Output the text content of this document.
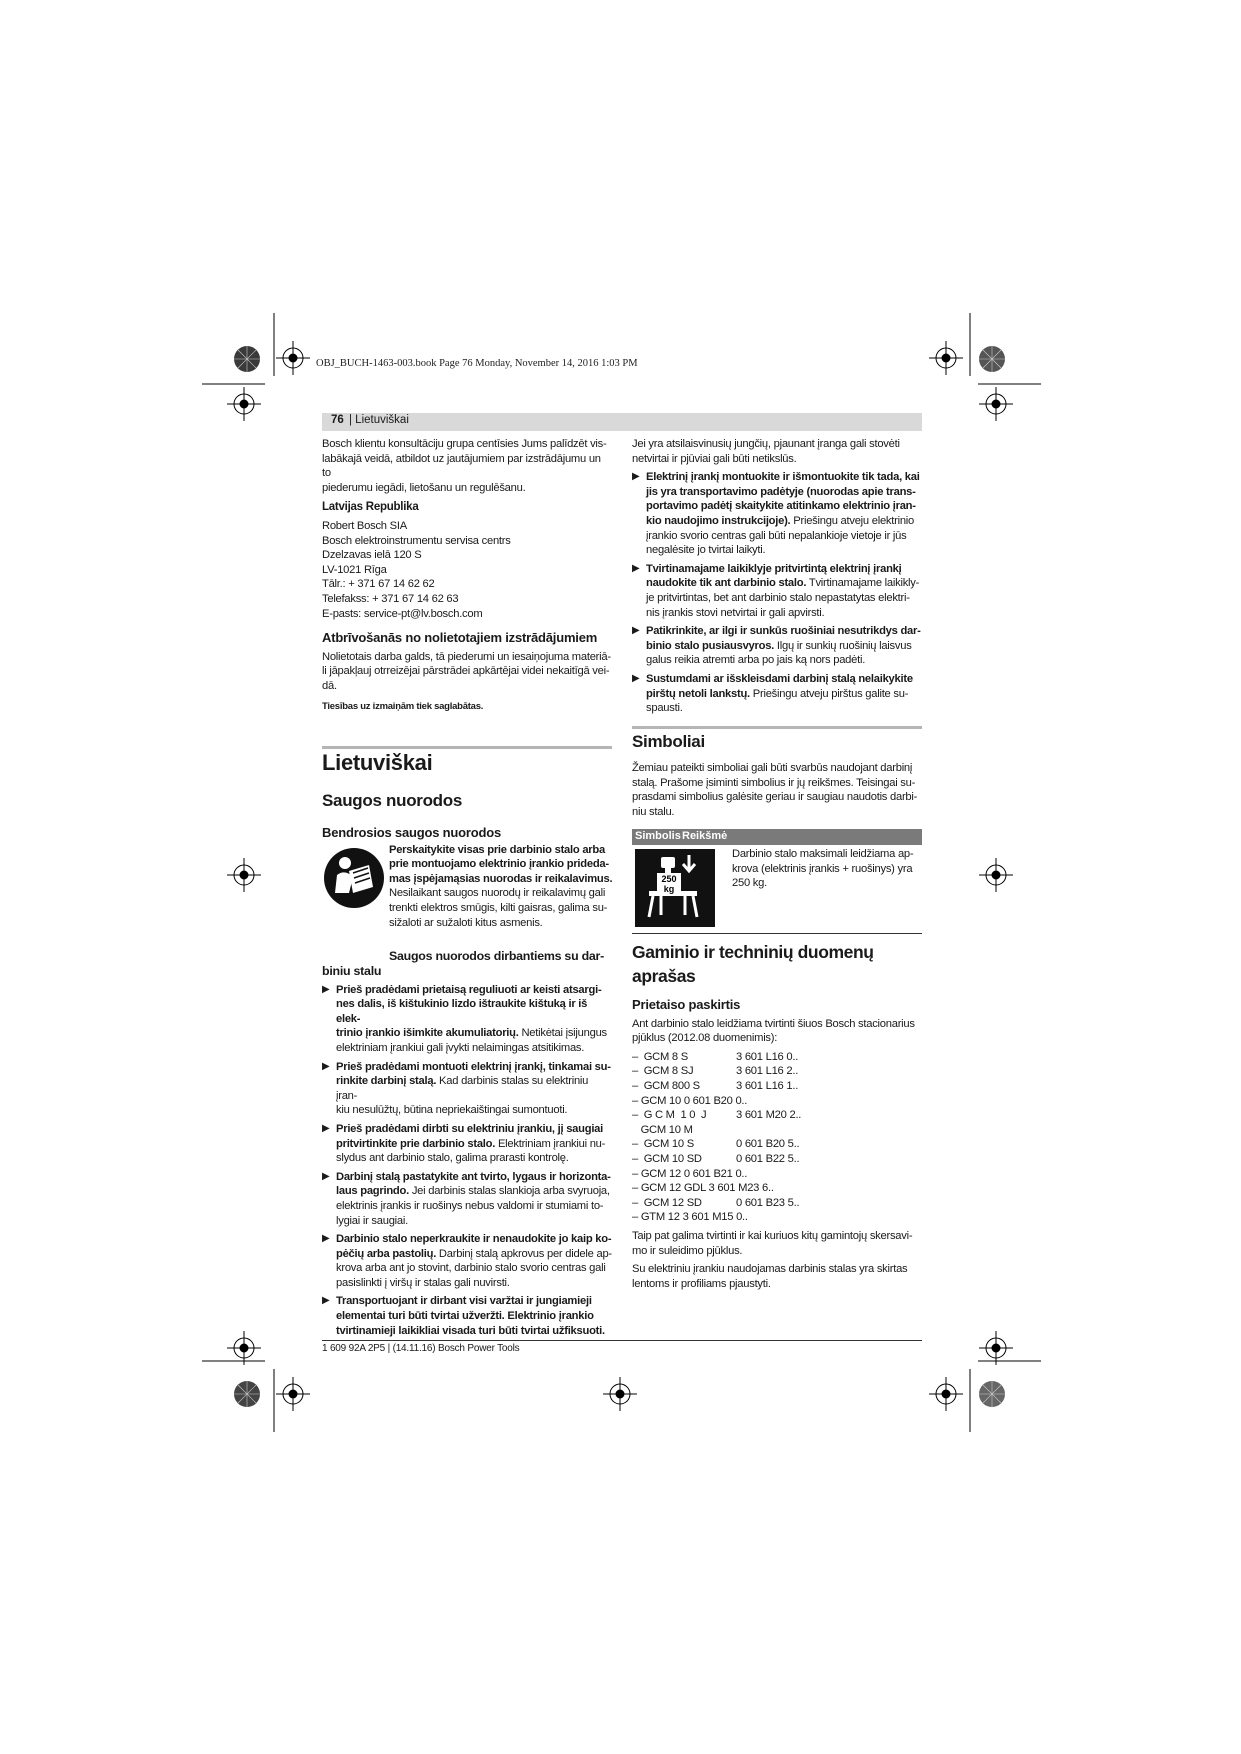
OBJ_BUCH-1463-003.book Page 76 Monday, November 14, 2016 1:03 PM
76 | Lietuviškai

Bosch klientu konsultāciju grupa centīsies Jums palīdzēt vis-
labākajā veidā, atbildot uz jautājumiem par izstrādājumu un to
piederumu iegādi, lietošanu un regulēšanu.

Latvijas Republika

Robert Bosch SIA
Bosch elektroinstrumentu servisa centrs
Dzelzavas ielā 120 S
LV-1021 Rīga
Tālr.: + 371 67 14 62 62
Telefakss: + 371 67 14 62 63
E-pasts: service-pt@lv.bosch.com

Atbrīvošanās no nolietotajiem izstrādājumiem

Nolietotais darba galds, tā piederumi un iesaiņojuma materiā-
li jāpakļauj otrreizējai pārstrādei apkārtējai videi nekaitīgā vei-
dā.

Tiesības uz izmaiņām tiek saglabātas.

Lietuviškai
Saugos nuorodos

Bendrosios saugos nuorodos

Perskaitykite visas prie darbinio stalo arba
prie montuojamo elektrinio įrankio prideda-
mas įspėjamąsias nuorodas ir reikalavimus.
Nesilaikant saugos nuorodų ir reikalavimų gali
trenkti elektros smūgis, kilti gaisras, galima su-
sižaloti ar sužaloti kitus asmenis.

Saugos nuorodos dirbantiems su dar-
biniu stalu

▶ Prieš pradėdami prietaisą reguliuoti ar keisti atsargi-
nes dalis, iš kištukinio lizdo ištraukite kištuką ir iš elek-
trinio įrankio išimkite akumuliatorių. Netikėtai įsijungus
elektriniam įrankiui gali įvykti nelaimingas atsitikimas.
▶ Prieš pradėdami montuoti elektrinį įrankį, tinkamai su-
rinkite darbinį stalą. Kad darbinis stalas su elektriniu įran-
kiu nesulūžtų, būtina nepriekaištingai sumontuoti.
▶ Prieš pradėdami dirbti su elektriniu įrankiu, jį saugiai
pritvirtinkite prie darbinio stalo. Elektriniam įrankiui nu-
slydus ant darbinio stalo, galima prarasti kontrolę.
▶ Darbinį stalą pastatykite ant tvirto, lygaus ir horizonta-
laus pagrindo. Jei darbinis stalas slankioja arba svyruoja,
elektrinis įrankis ir ruošinys nebus valdomi ir stumiami to-
lygiai ir saugiai.
▶ Darbinio stalo neperkraukite ir nenaudokite jo kaip ko-
pėčių arba pastolių. Darbinį stalą apkrovus per didele ap-
krova arba ant jo stovint, darbinio stalo svorio centras gali
pasislinkti į viršų ir stalas gali nuvirsti.
▶ Transportuojant ir dirbant visi varžtai ir jungiamieji
elementai turi būti tvirtai užveržti. Elektrinio įrankio
tvirtinamieji laikikliai visada turi būti tvirtai užfiksuoti.

Jei yra atsilaisvinusių jungčių, pjaunant įranga gali stovėti
netvirtai ir pjūviai gali būti netikslūs.

▶ Elektrinį įrankį montuokite ir išmontuokite tik tada, kai
jis yra transportavimo padėtyje (nuorodas apie trans-
portavimo padėtį skaitykite atitinkamo elektrinio įran-
kio naudojimo instrukcijoje). Priešingu atveju elektrinio
įrankio svorio centras gali būti nepalankioje vietoje ir jūs
negalėsite jo tvirtai laikyti.
▶ Tvirtinamajame laikiklyje pritvirtintą elektrinį įrankį
naudokite tik ant darbinio stalo. Tvirtinamajame laikikly-
je pritvirtintas, bet ant darbinio stalo nepastatytas elektri-
nis įrankis stovi netvirtai ir gali apvirsti.
▶ Patikrinkite, ar ilgi ir sunkūs ruošiniai nesutrikdys dar-
binio stalo pusiausvyros. Ilgų ir sunkių ruošinių laisvus
galus reikia atremti arba po jais ką nors padėti.
▶ Sustumdami ar išskleisdami darbinį stalą nelaikykite
pirštų netoli lankstų. Priešingu atveju pirštus galite su-
spausti.
Simboliai

Žemiau pateikti simboliai gali būti svarbūs naudojant darbinį
stalą. Prašome įsiminti simbolius ir jų reikšmes. Teisingai su-
prasdami simbolius galėsite geriau ir saugiau naudotis darbi-
niu stalu.

Simbolis Reikšmė
250
kg
Darbinio stalo maksimali leidžiama ap-
krova (elektrinis įrankis + ruošinys) yra
250 kg.
Gaminio ir techninių duomenų aprašas

Prietaiso paskirtis

Ant darbinio stalo leidžiama tvirtinti šiuos Bosch stacionarius
pjūklus (2012.08 duomenimis):

–  GCM 8 S	3 601 L16 0..
–  GCM 8 SJ	3 601 L16 2..
–  GCM 800 S	3 601 L16 1..
– GCM 10 0 601 B20 0..
–  G C M  1 0  J	3 601 M20 2..
GCM 10 M
–  GCM 10 S	0 601 B20 5..
–  GCM 10 SD	0 601 B22 5..
– GCM 12 0 601 B21 0..
– GCM 12 GDL 3 601 M23 6..
–  GCM 12 SD	0 601 B23 5..
– GTM 12 3 601 M15 0..

Taip pat galima tvirtinti ir kai kuriuos kitų gamintojų skersavi-
mo ir suleidimo pjūklus.

Su elektriniu įrankiu naudojamas darbinis stalas yra skirtas
lentoms ir profiliams pjaustyti.

1 609 92A 2P5 | (14.11.16) Bosch Power Tools
